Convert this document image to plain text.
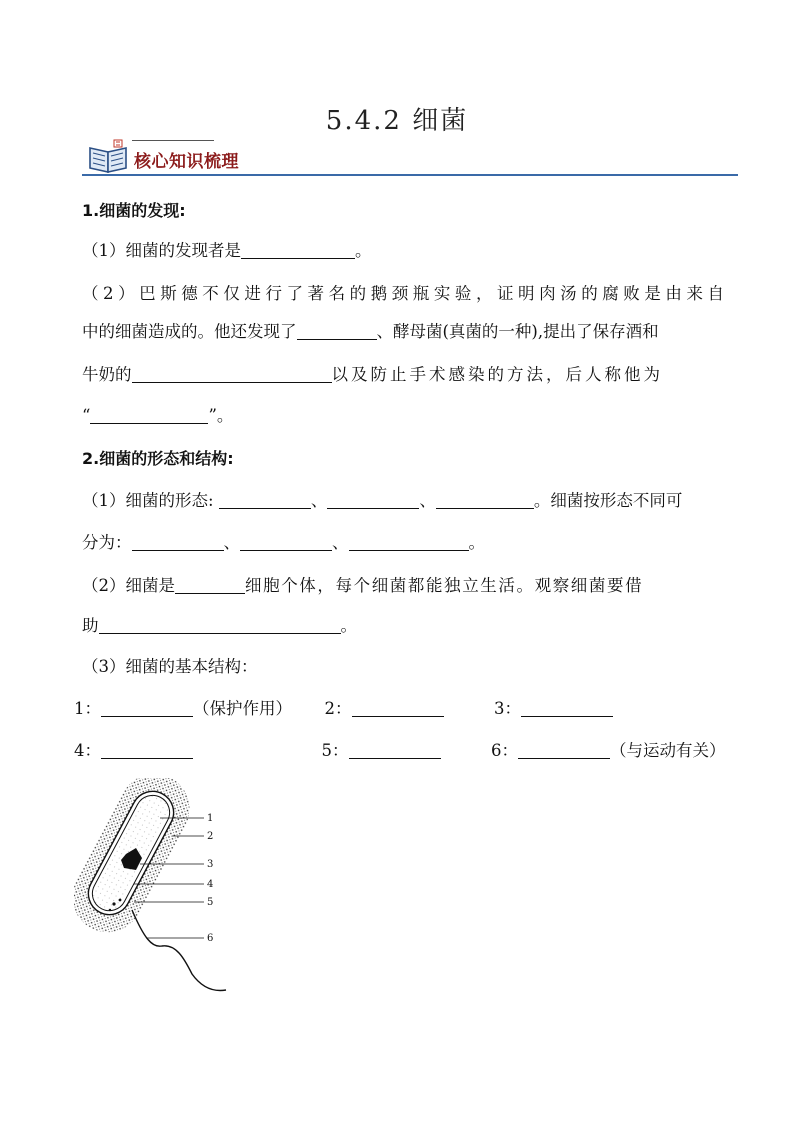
5.4.2 细菌
核心知识梳理
1.细菌的发现:
（1）细菌的发现者是	。
（2）巴斯德不仅进行了著名的鹅颈瓶实验，证明肉汤的腐败是由来自
中的细菌造成的。他还发现了	、酵母菌(真菌的一种),提出了保存酒和
牛奶的	以及防止手术感染的方法，后人称他为
“	”。
2.细菌的形态和结构:
（1）细菌的形态:	、	、	。细菌按形态不同可
分为：	、	、	。
（2）细菌是	细胞个体，每个细菌都能独立生活。观察细菌要借
助	。
（3）细菌的基本结构：
1：	（保护作用） 2：	3：
4：	5：	6：	（与运动有关）
1
2
3
4
5
6
